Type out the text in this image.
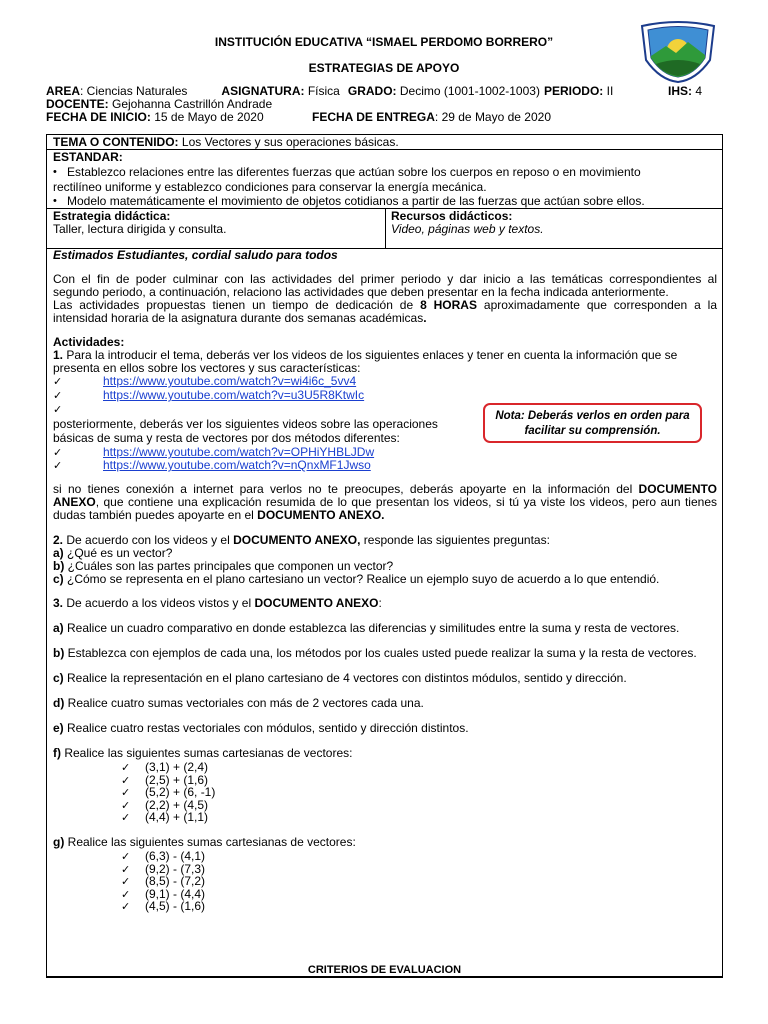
INSTITUCIÓN EDUCATIVA “ISMAEL PERDOMO BORRERO”
ESTRATEGIAS DE APOYO
AREA: Ciencias Naturales	ASIGNATURA: Física GRADO: Decimo (1001-1002-1003) PERIODO: II	IHS: 4
DOCENTE: Gejohanna Castrillón Andrade
FECHA DE INICIO: 15 de Mayo de 2020	FECHA DE ENTREGA: 29 de Mayo de 2020
TEMA O CONTENIDO: Los Vectores y sus operaciones básicas.
ESTANDAR:
• Establezco relaciones entre las diferentes fuerzas que actúan sobre los cuerpos en reposo o en movimiento
rectilíneo uniforme y establezco condiciones para conservar la energía mecánica.
• Modelo matemáticamente el movimiento de objetos cotidianos a partir de las fuerzas que actúan sobre ellos.
Estrategia didáctica:
Taller, lectura dirigida y consulta.
Recursos didácticos:
Video, páginas web y textos.
Estimados Estudiantes, cordial saludo para todos
Con el fin de poder culminar con las actividades del primer periodo y dar inicio a las temáticas correspondientes al
segundo periodo, a continuación, relaciono las actividades que deben presentar en la fecha indicada anteriormente.
Las actividades propuestas tienen un tiempo de dedicación de 8 HORAS aproximadamente que corresponden a la
intensidad horaria de la asignatura durante dos semanas académicas.
Actividades:
1. Para la introducir el tema, deberás ver los videos de los siguientes enlaces y tener en cuenta la información que se
presenta en ellos sobre los vectores y sus características:
✓	https://www.youtube.com/watch?v=wi4i6c_5vv4
✓	https://www.youtube.com/watch?v=u3U5R8KtwIc
✓
posteriormente, deberás ver los siguientes videos sobre las operaciones
básicas de suma y resta de vectores por dos métodos diferentes:
✓	https://www.youtube.com/watch?v=OPHiYHBLJDw
✓	https://www.youtube.com/watch?v=nQnxMF1Jwso
Nota: Deberás verlos en orden para facilitar su comprensión.
si no tienes conexión a internet para verlos no te preocupes, deberás apoyarte en la información del DOCUMENTO
ANEXO, que contiene una explicación resumida de lo que presentan los videos, si tú ya viste los videos, pero aun tienes
dudas también puedes apoyarte en el DOCUMENTO ANEXO.
2. De acuerdo con los videos y el DOCUMENTO ANEXO, responde las siguientes preguntas:
a) ¿Qué es un vector?
b) ¿Cuáles son las partes principales que componen un vector?
c) ¿Cómo se representa en el plano cartesiano un vector? Realice un ejemplo suyo de acuerdo a lo que entendió.
3. De acuerdo a los videos vistos y el DOCUMENTO ANEXO:
a) Realice un cuadro comparativo en donde establezca las diferencias y similitudes entre la suma y resta de vectores.
b) Establezca con ejemplos de cada una, los métodos por los cuales usted puede realizar la suma y la resta de vectores.
c) Realice la representación en el plano cartesiano de 4 vectores con distintos módulos, sentido y dirección.
d) Realice cuatro sumas vectoriales con más de 2 vectores cada una.
e) Realice cuatro restas vectoriales con módulos, sentido y dirección distintos.
f) Realice las siguientes sumas cartesianas de vectores:
✓ (3,1) + (2,4)
✓ (2,5) + (1,6)
✓ (5,2) + (6, -1)
✓ (2,2) + (4,5)
✓ (4,4) + (1,1)
g) Realice las siguientes sumas cartesianas de vectores:
✓ (6,3) - (4,1)
✓ (9,2) - (7,3)
✓ (8,5) - (7,2)
✓ (9,1) - (4,4)
✓ (4,5) - (1,6)
CRITERIOS DE EVALUACION
